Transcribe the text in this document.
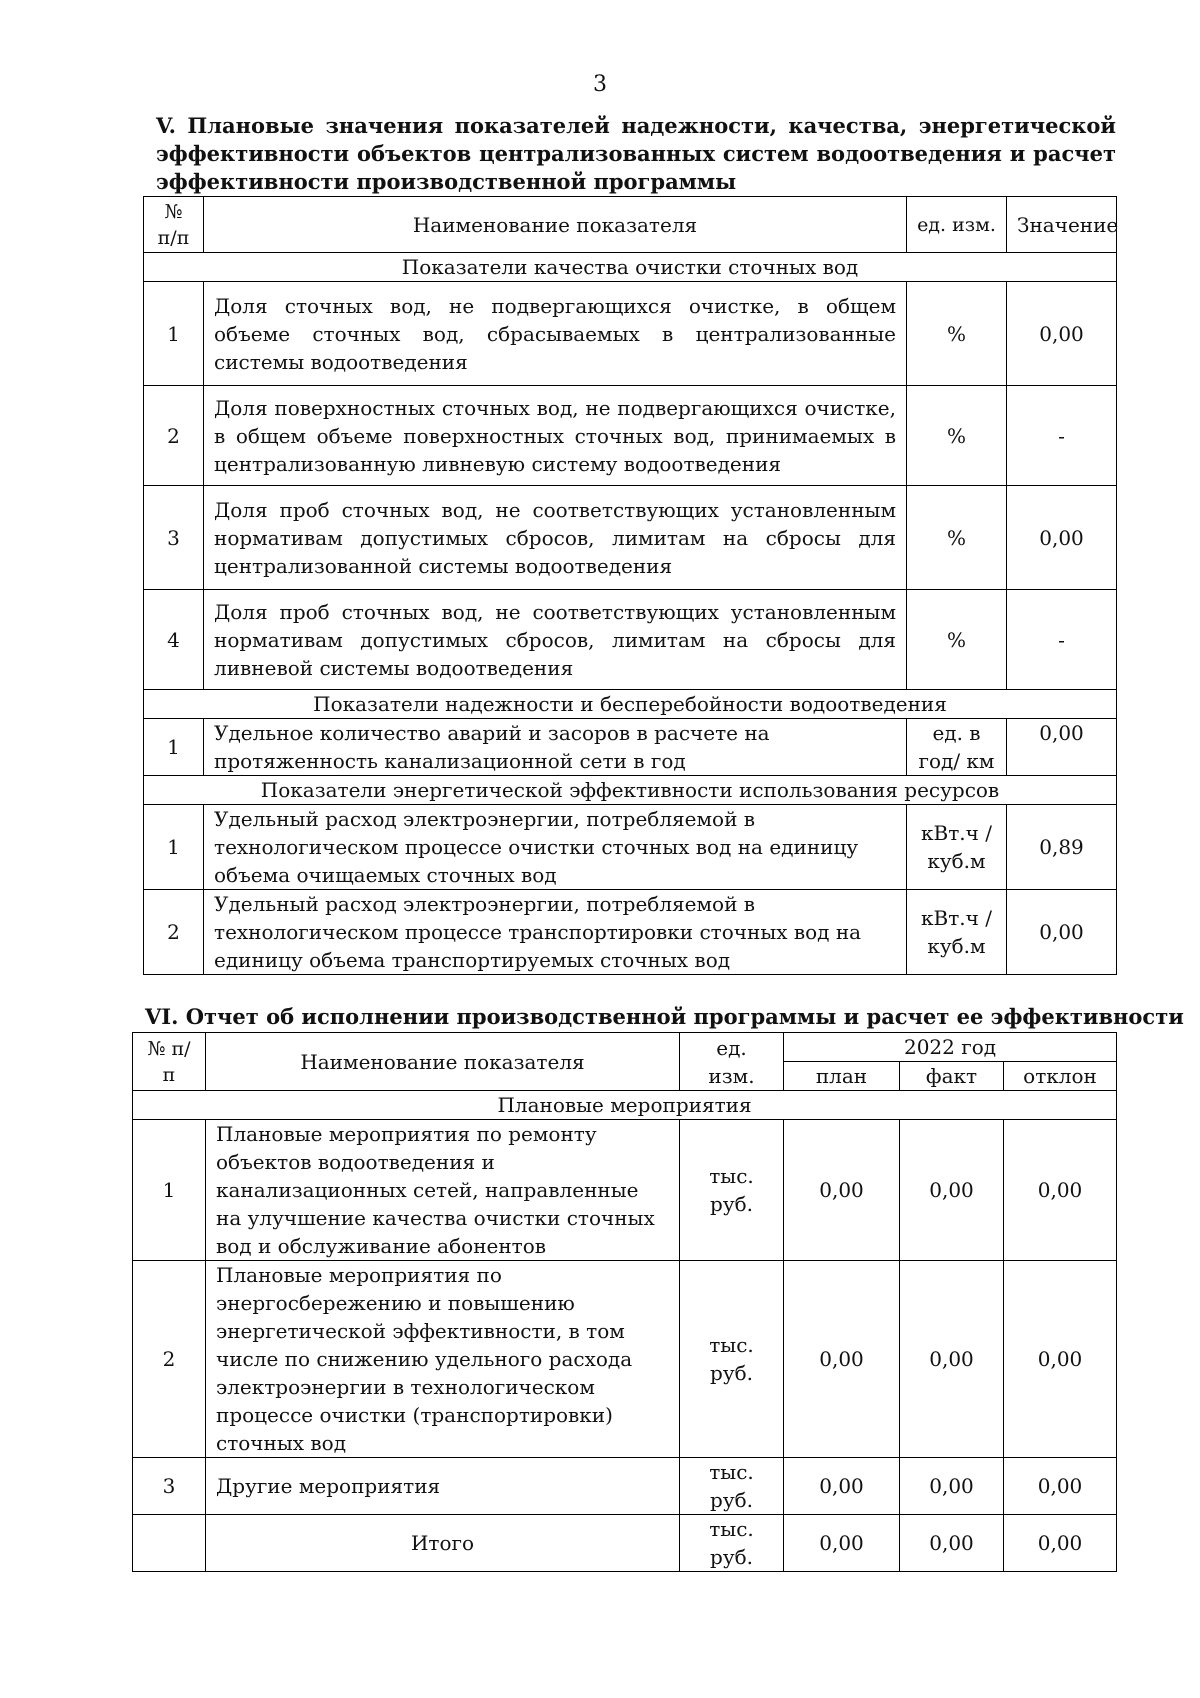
3
V. Плановые значения показателей надежности, качества, энергетической эффективности объектов централизованных систем водоотведения и расчет эффективности производственной программы
№ п/п	Наименование показателя	ед. изм.	Значение
Показатели качества очистки сточных вод			
1	Доля сточных вод, не подвергающихся очистке, в общем объеме сточных вод, сбрасываемых в централизованные системы водоотведения	%	0,00
2	Доля поверхностных сточных вод, не подвергающихся очистке, в общем объеме поверхностных сточных вод, принимаемых в централизованную ливневую систему водоотведения	%	-
3	Доля проб сточных вод, не соответствующих установленным нормативам допустимых сбросов, лимитам на сбросы для централизованной системы водоотведения	%	0,00
4	Доля проб сточных вод, не соответствующих установленным нормативам допустимых сбросов, лимитам на сбросы для ливневой системы водоотведения	%	-
Показатели надежности и бесперебойности водоотведения			
1	Удельное количество аварий и засоров в расчете на протяженность канализационной сети в год	ед. в год/ км	0,00
Показатели энергетической эффективности использования ресурсов			
1	Удельный расход электроэнергии, потребляемой в технологическом процессе очистки сточных вод на единицу объема очищаемых сточных вод	кВт.ч / куб.м	0,89
2	Удельный расход электроэнергии, потребляемой в технологическом процессе транспортировки сточных вод на единицу объема транспортируемых сточных вод	кВт.ч / куб.м	0,00
VI. Отчет об исполнении производственной программы и расчет ее эффективности
№ п/п	Наименование показателя	ед. изм.	2022 год		
			план	факт	отклон
Плановые мероприятия					
1	Плановые мероприятия по ремонту объектов водоотведения и канализационных сетей, направленные на улучшение качества очистки сточных вод и обслуживание абонентов	тыс. руб.	0,00	0,00	0,00
2	Плановые мероприятия по энергосбережению и повышению энергетической эффективности, в том числе по снижению удельного расхода электроэнергии в технологическом процессе очистки (транспортировки) сточных вод	тыс. руб.	0,00	0,00	0,00
3	Другие мероприятия	тыс. руб.	0,00	0,00	0,00
	Итого	тыс. руб.	0,00	0,00	0,00
